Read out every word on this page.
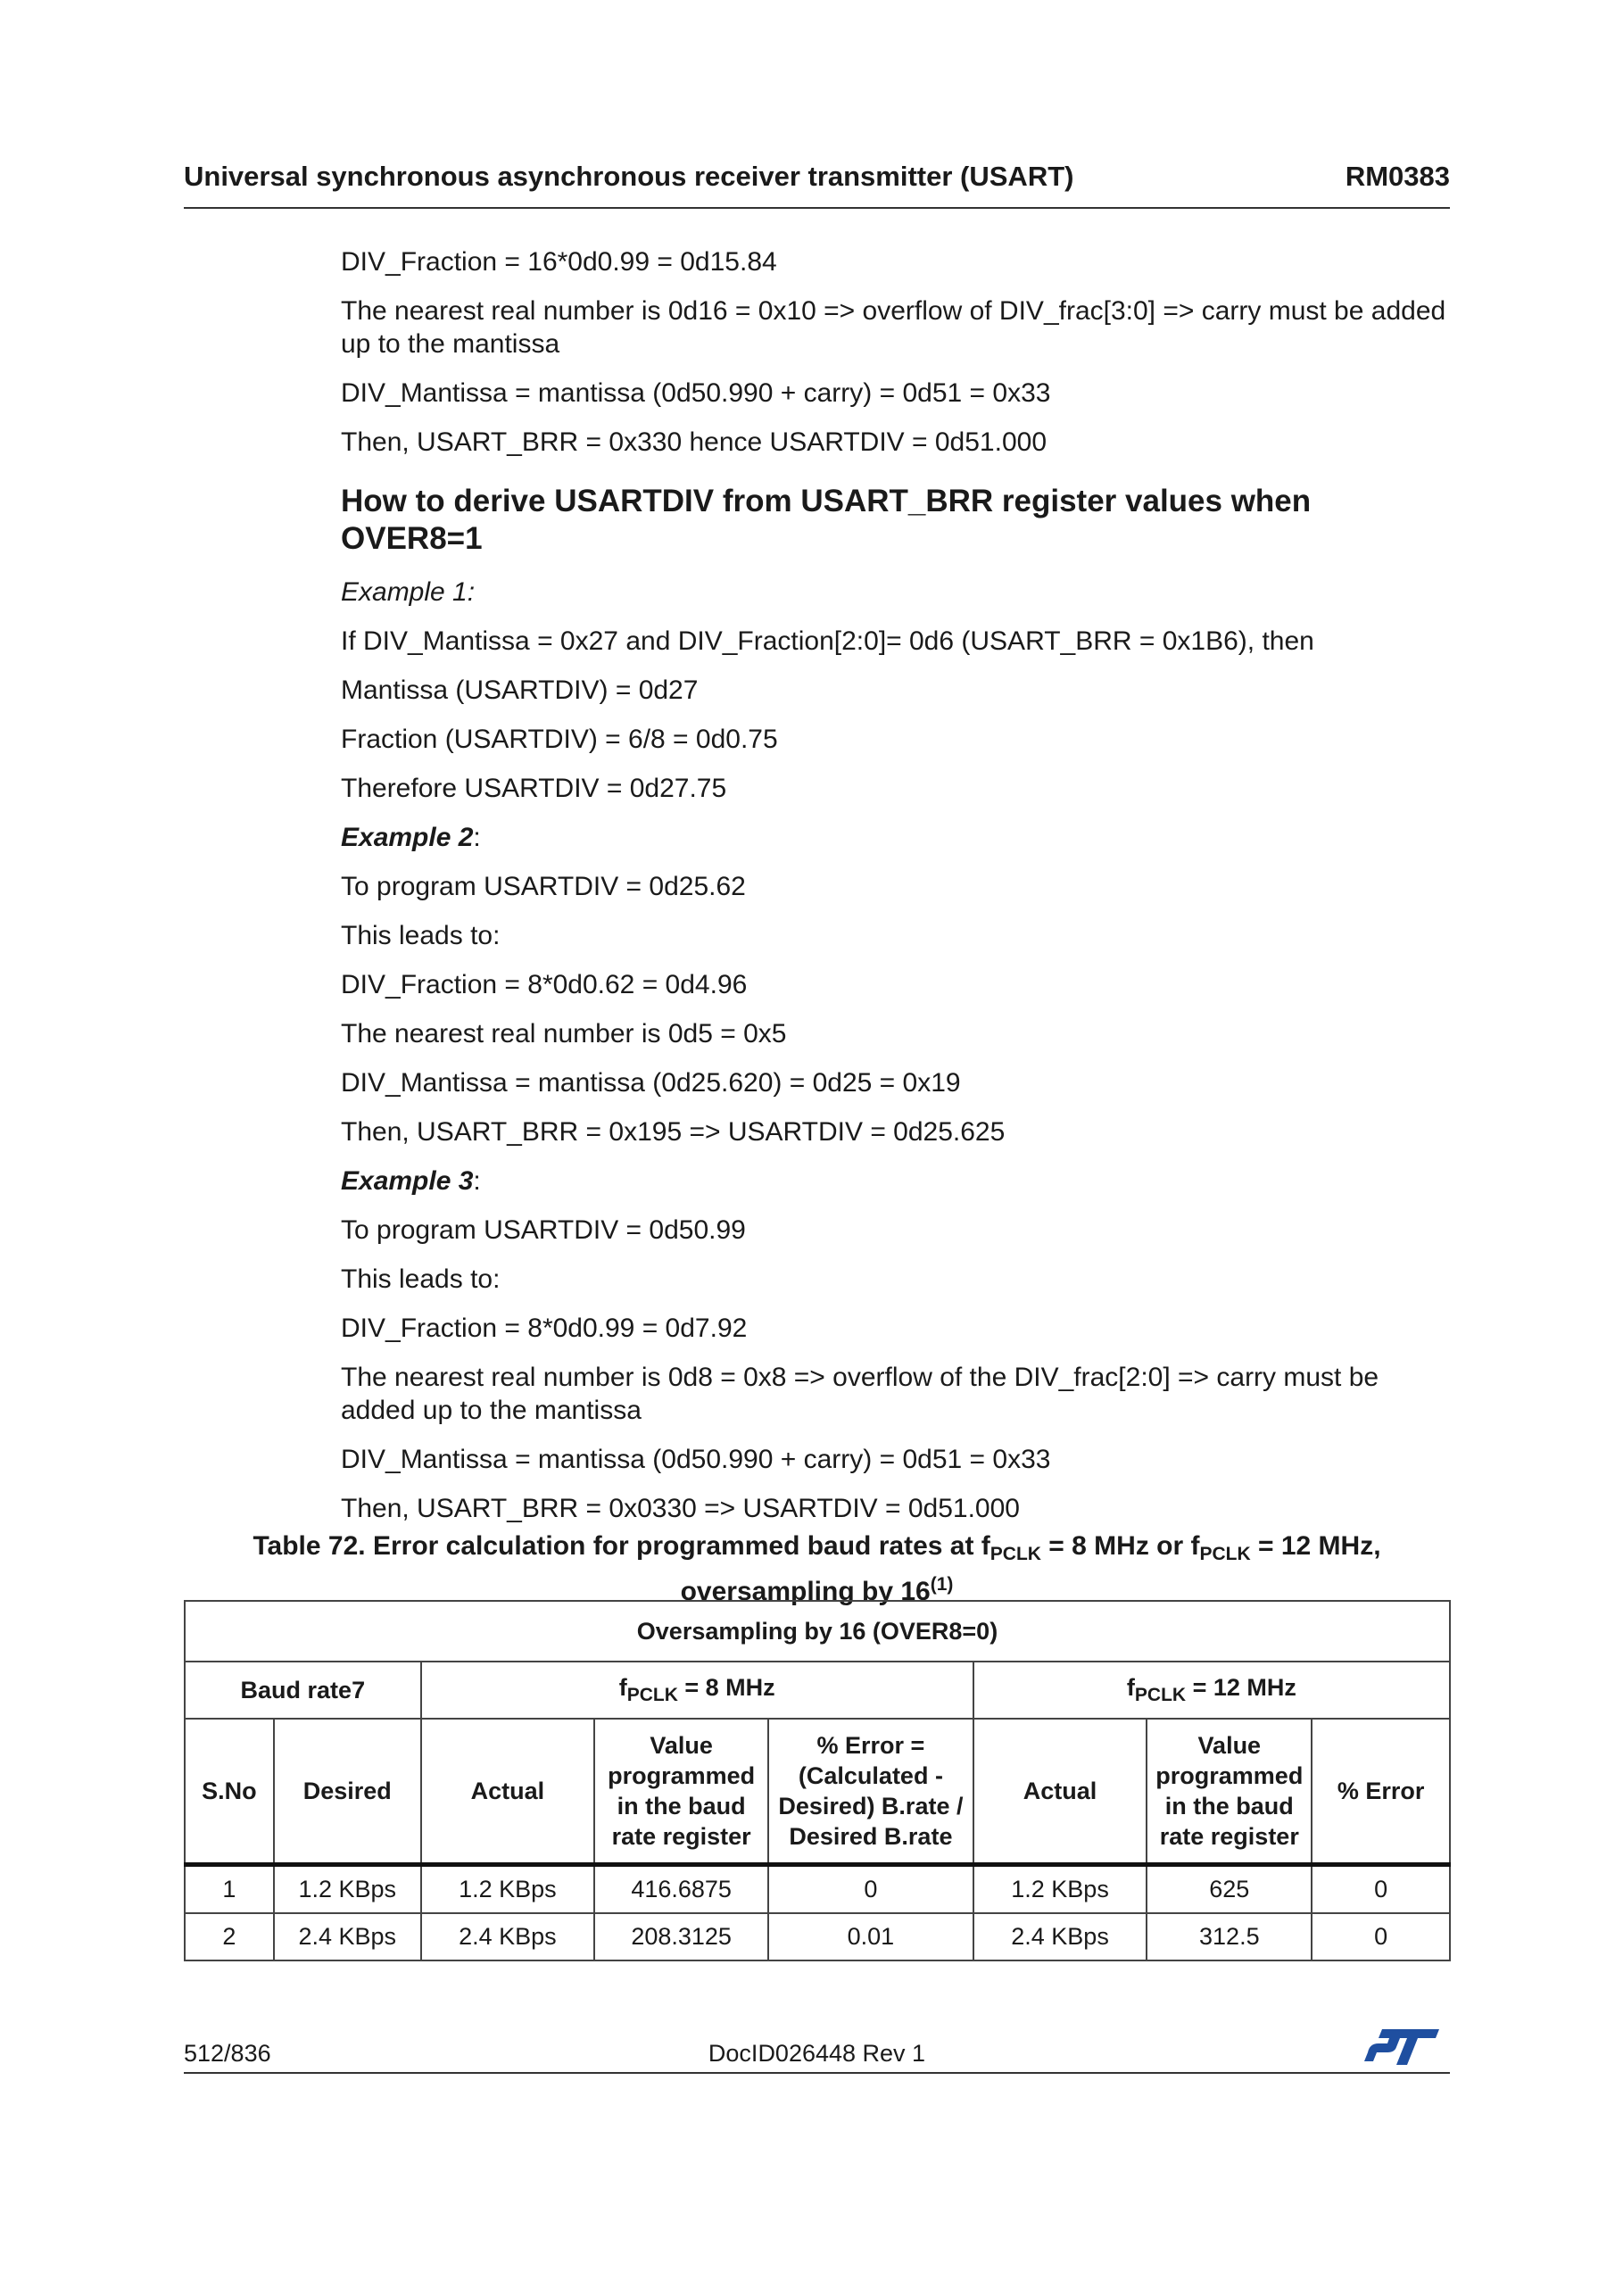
Universal synchronous asynchronous receiver transmitter (USART)	RM0383

DIV_Fraction = 16*0d0.99 = 0d15.84

The nearest real number is 0d16 = 0x10 => overflow of DIV_frac[3:0] => carry must be added up to the mantissa

DIV_Mantissa = mantissa (0d50.990 + carry) = 0d51 = 0x33

Then, USART_BRR = 0x330 hence USARTDIV = 0d51.000

How to derive USARTDIV from USART_BRR register values when OVER8=1

Example 1:

If DIV_Mantissa = 0x27 and DIV_Fraction[2:0]= 0d6 (USART_BRR = 0x1B6), then

Mantissa (USARTDIV) = 0d27

Fraction (USARTDIV) = 6/8 = 0d0.75

Therefore USARTDIV = 0d27.75

Example 2:

To program USARTDIV = 0d25.62

This leads to:

DIV_Fraction = 8*0d0.62 = 0d4.96

The nearest real number is 0d5 = 0x5

DIV_Mantissa = mantissa (0d25.620) = 0d25 = 0x19

Then, USART_BRR = 0x195 => USARTDIV = 0d25.625

Example 3:

To program USARTDIV = 0d50.99

This leads to:

DIV_Fraction = 8*0d0.99 = 0d7.92

The nearest real number is 0d8 = 0x8 => overflow of the DIV_frac[2:0] => carry must be added up to the mantissa

DIV_Mantissa = mantissa (0d50.990 + carry) = 0d51 = 0x33

Then, USART_BRR = 0x0330 => USARTDIV = 0d51.000

Table 72. Error calculation for programmed baud rates at $f_{PCLK} = 8$ MHz or $f_{PCLK} = 12$ MHz,
oversampling by 16$^{(1)}$
Oversampling by 16 (OVER8=0)							
Baud rate7		$f_{PCLK} = 8$ MHz			$f_{PCLK} = 12$ MHz		
S.No	Desired	Actual	Value programmed in the baud rate register	% Error = (Calculated - Desired) B.rate / Desired B.rate	Actual	Value programmed in the baud rate register	% Error
1	1.2 KBps	1.2 KBps	416.6875	0	1.2 KBps	625	0
2	2.4 KBps	2.4 KBps	208.3125	0.01	2.4 KBps	312.5	0
512/836	DocID026448 Rev 1
